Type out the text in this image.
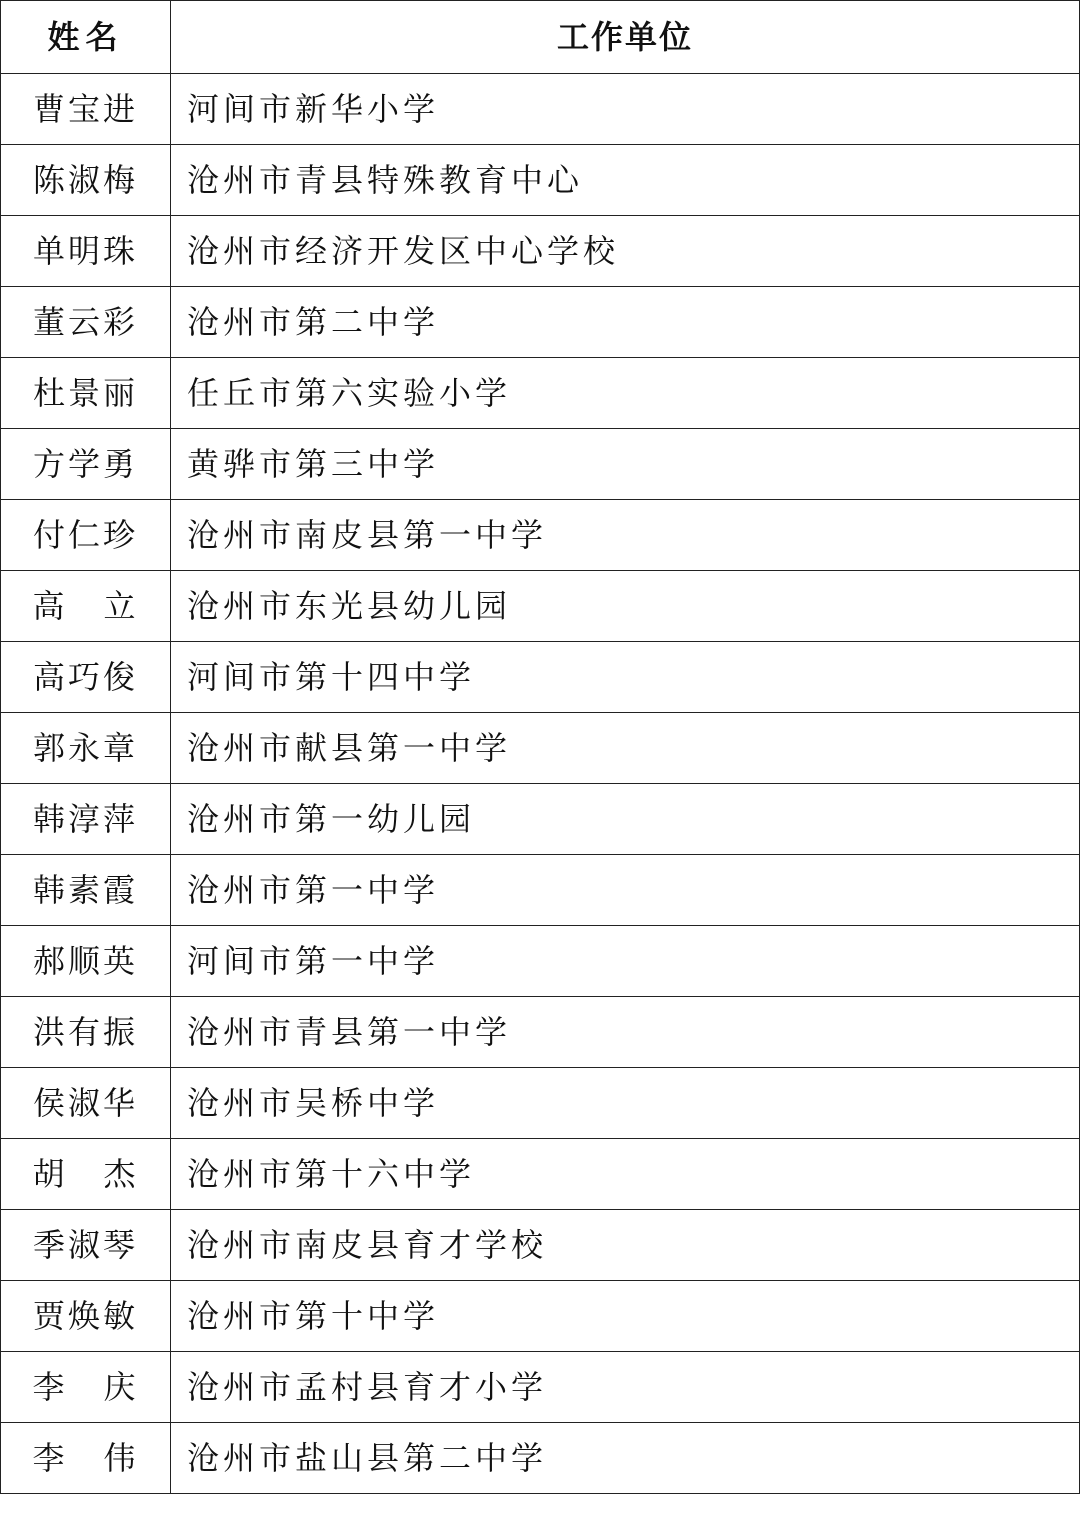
姓名	工作单位
曹宝进	河间市新华小学
陈淑梅	沧州市青县特殊教育中心
单明珠	沧州市经济开发区中心学校
董云彩	沧州市第二中学
杜景丽	任丘市第六实验小学
方学勇	黄骅市第三中学
付仁珍	沧州市南皮县第一中学

高 立	沧州市东光县幼儿园
高巧俊	河间市第十四中学
郭永章	沧州市献县第一中学
韩淳萍	沧州市第一幼儿园
韩素霞	沧州市第一中学
郝顺英	河间市第一中学
洪有振	沧州市青县第一中学
侯淑华	沧州市吴桥中学

胡 杰	沧州市第十六中学
季淑琴	沧州市南皮县育才学校
贾焕敏	沧州市第十中学

李 庆	沧州市孟村县育才小学

李 伟	沧州市盐山县第二中学
